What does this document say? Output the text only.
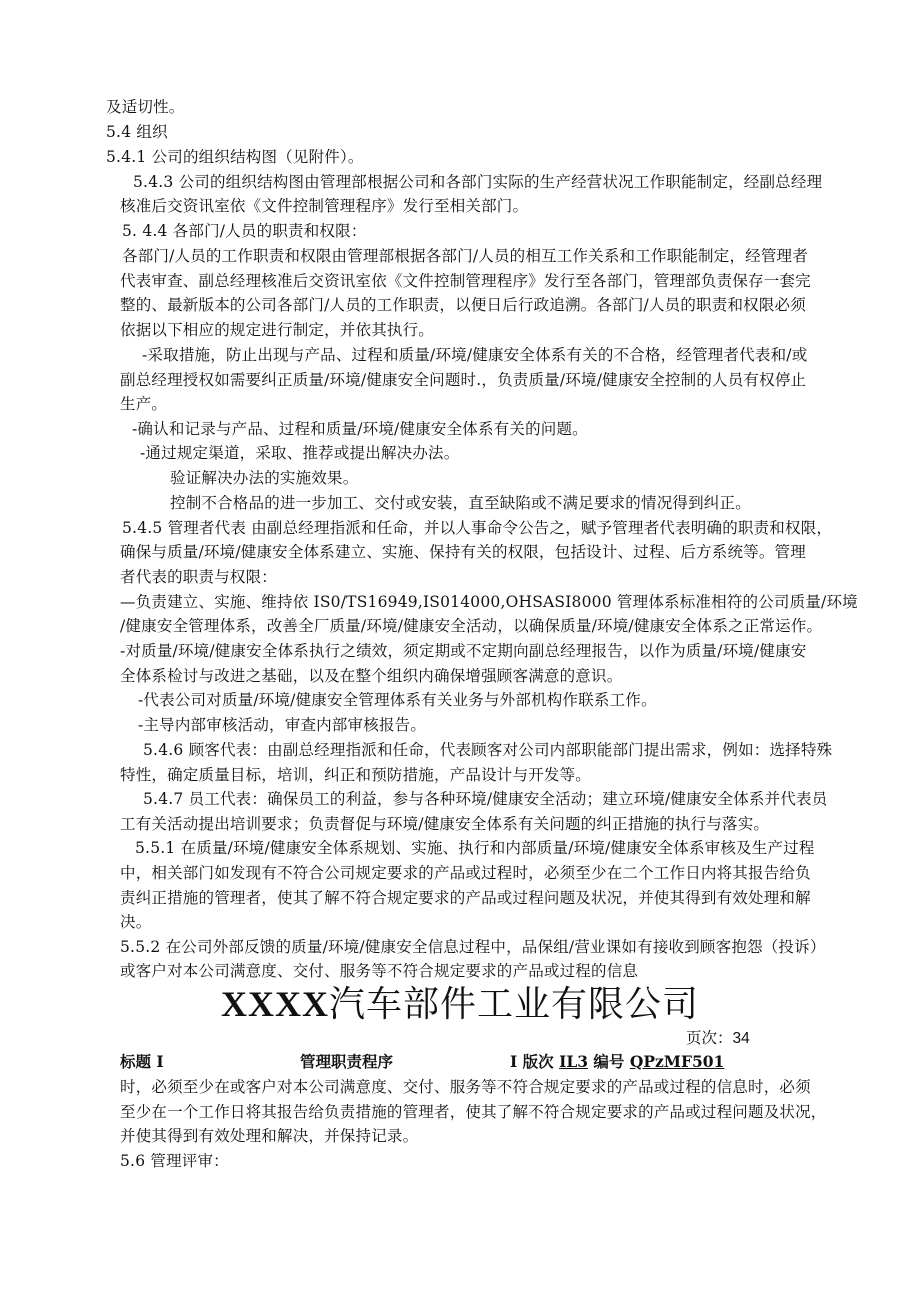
及适切性。
5.4 组织
5.4.1 公司的组织结构图（见附件）。
5.4.3 公司的组织结构图由管理部根据公司和各部门实际的生产经营状况工作职能制定，经副总经理
核准后交资讯室依《文件控制管理程序》发行至相关部门。
5. 4.4 各部门/人员的职责和权限：
各部门/人员的工作职责和权限由管理部根据各部门/人员的相互工作关系和工作职能制定，经管理者
代表审查、副总经理核准后交资讯室依《文件控制管理程序》发行至各部门，管理部负责保存一套完
整的、最新版本的公司各部门/人员的工作职责，以便日后行政追溯。各部门/人员的职责和权限必须
依据以下相应的规定进行制定，并依其执行。
-采取措施，防止出现与产品、过程和质量/环境/健康安全体系有关的不合格，经管理者代表和/或
副总经理授权如需要纠正质量/环境/健康安全问题时.，负责质量/环境/健康安全控制的人员有权停止
生产。
-确认和记录与产品、过程和质量/环境/健康安全体系有关的问题。
-通过规定渠道，采取、推荐或提出解决办法。
验证解决办法的实施效果。
控制不合格品的进一步加工、交付或安装，直至缺陷或不满足要求的情况得到纠正。
5.4.5 管理者代表 由副总经理指派和任命，并以人事命令公告之，赋予管理者代表明确的职责和权限，
确保与质量/环境/健康安全体系建立、实施、保持有关的权限，包括设计、过程、后方系统等。管理
者代表的职责与权限：
—负责建立、实施、维持依 IS0/TS16949,IS014000,OHSASI8000 管理体系标准相符的公司质量/环境
/健康安全管理体系，改善全厂质量/环境/健康安全活动，以确保质量/环境/健康安全体系之正常运作。
-对质量/环境/健康安全体系执行之绩效，须定期或不定期向副总经理报告，以作为质量/环境/健康安
全体系检讨与改进之基础，以及在整个组织内确保增强顾客满意的意识。
-代表公司对质量/环境/健康安全管理体系有关业务与外部机构作联系工作。
-主导内部审核活动，审查内部审核报告。
5.4.6 顾客代表：由副总经理指派和任命，代表顾客对公司内部职能部门提出需求，例如：选择特殊
特性，确定质量目标，培训，纠正和预防措施，产品设计与开发等。
5.4.7 员工代表：确保员工的利益，参与各种环境/健康安全活动；建立环境/健康安全体系并代表员
工有关活动提出培训要求；负责督促与环境/健康安全体系有关问题的纠正措施的执行与落实。
5.5.1 在质量/环境/健康安全体系规划、实施、执行和内部质量/环境/健康安全体系审核及生产过程
中，相关部门如发现有不符合公司规定要求的产品或过程时，必须至少在二个工作日内将其报告给负
责纠正措施的管理者，使其了解不符合规定要求的产品或过程问题及状况，并使其得到有效处理和解
决。
5.5.2 在公司外部反馈的质量/环境/健康安全信息过程中，品保组/营业课如有接收到顾客抱怨（投诉）
或客户对本公司满意度、交付、服务等不符合规定要求的产品或过程的信息
XXXX汽车部件工业有限公司
页次：34
标题 I	管理职责程序	I 版次 IL3 编号 QPzMF501
时，必须至少在或客户对本公司满意度、交付、服务等不符合规定要求的产品或过程的信息时，必须
至少在一个工作日将其报告给负责措施的管理者，使其了解不符合规定要求的产品或过程问题及状况，
并使其得到有效处理和解决，并保持记录。
5.6 管理评审：
